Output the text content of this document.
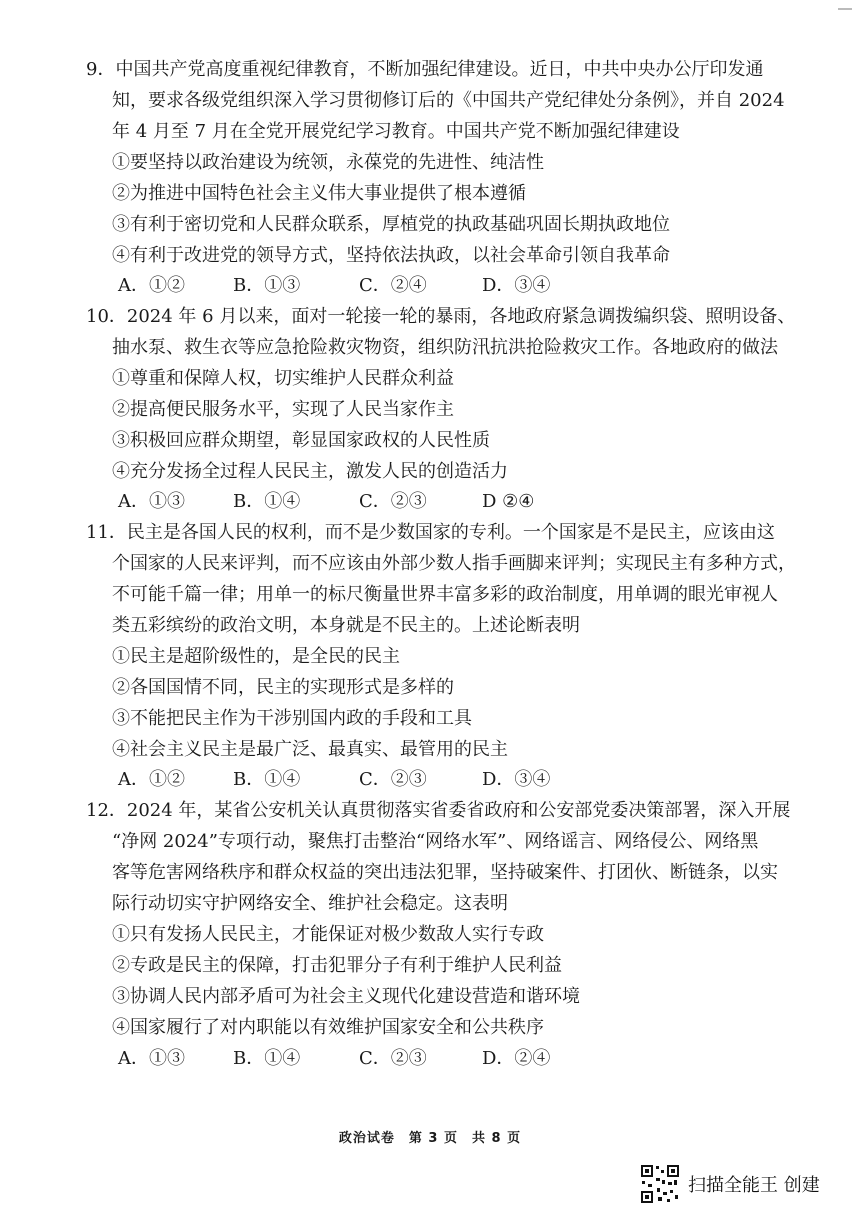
9．中国共产党高度重视纪律教育，不断加强纪律建设。近日，中共中央办公厅印发通
知，要求各级党组织深入学习贯彻修订后的《中国共产党纪律处分条例》，并自 2024
年 4 月至 7 月在全党开展党纪学习教育。中国共产党不断加强纪律建设
①要坚持以政治建设为统领，永葆党的先进性、纯洁性
②为推进中国特色社会主义伟大事业提供了根本遵循
③有利于密切党和人民群众联系，厚植党的执政基础巩固长期执政地位
④有利于改进党的领导方式，坚持依法执政，以社会革命引领自我革命
A．①②	B．①③	C．②④	D．③④
10．2024 年 6 月以来，面对一轮接一轮的暴雨，各地政府紧急调拨编织袋、照明设备、
抽水泵、救生衣等应急抢险救灾物资，组织防汛抗洪抢险救灾工作。各地政府的做法
①尊重和保障人权，切实维护人民群众利益
②提高便民服务水平，实现了人民当家作主
③积极回应群众期望，彰显国家政权的人民性质
④充分发扬全过程人民民主，激发人民的创造活力
A．①③	B．①④	C．②③	D ②④
11．民主是各国人民的权利，而不是少数国家的专利。一个国家是不是民主，应该由这
个国家的人民来评判，而不应该由外部少数人指手画脚来评判；实现民主有多种方式，
不可能千篇一律；用单一的标尺衡量世界丰富多彩的政治制度，用单调的眼光审视人
类五彩缤纷的政治文明，本身就是不民主的。上述论断表明
①民主是超阶级性的，是全民的民主
②各国国情不同，民主的实现形式是多样的
③不能把民主作为干涉别国内政的手段和工具
④社会主义民主是最广泛、最真实、最管用的民主
A．①②	B．①④	C．②③	D．③④
12．2024 年，某省公安机关认真贯彻落实省委省政府和公安部党委决策部署，深入开展
“净网 2024”专项行动，聚焦打击整治“网络水军”、网络谣言、网络侵公、网络黑
客等危害网络秩序和群众权益的突出违法犯罪，坚持破案件、打团伙、断链条，以实
际行动切实守护网络安全、维护社会稳定。这表明
①只有发扬人民民主，才能保证对极少数敌人实行专政
②专政是民主的保障，打击犯罪分子有利于维护人民利益
③协调人民内部矛盾可为社会主义现代化建设营造和谐环境
④国家履行了对内职能以有效维护国家安全和公共秩序
A．①③	B．①④	C．②③	D．②④
政治试卷　第 3 页　共 8 页
扫描全能王 创建
